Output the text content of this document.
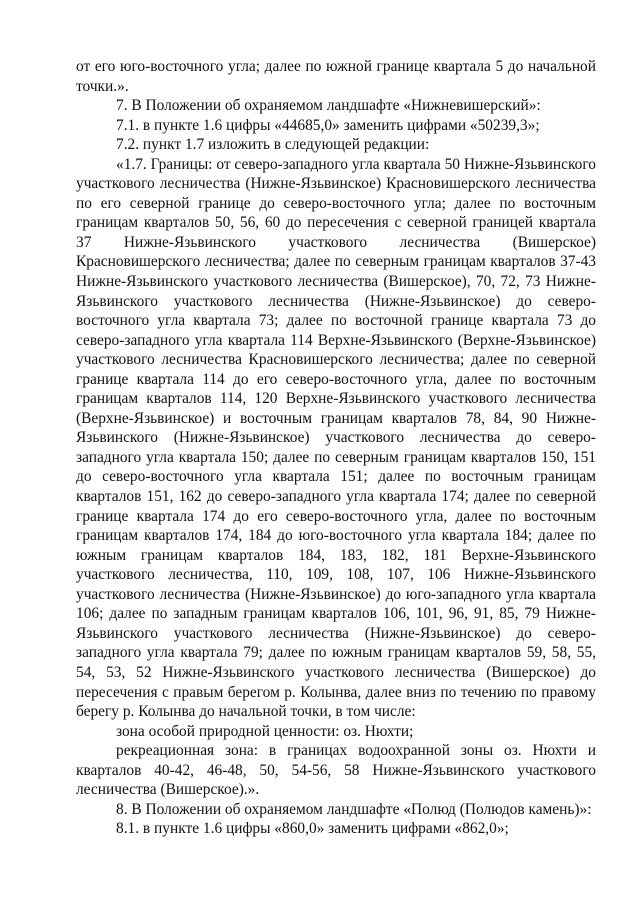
от его юго-восточного угла; далее по южной границе квартала 5 до начальной точки.».

7. В Положении об охраняемом ландшафте «Нижневишерский»:

7.1. в пункте 1.6 цифры «44685,0» заменить цифрами «50239,3»;

7.2. пункт 1.7 изложить в следующей редакции:

«1.7. Границы: от северо-западного угла квартала 50 Нижне-Язьвинского участкового лесничества (Нижне-Язьвинское) Красновишерского лесничества по его северной границе до северо-восточного угла; далее по восточным границам кварталов 50, 56, 60 до пересечения с северной границей квартала 37 Нижне-Язьвинского участкового лесничества (Вишерское) Красновишерского лесничества; далее по северным границам кварталов 37-43 Нижне-Язьвинского участкового лесничества (Вишерское), 70, 72, 73 Нижне-Язьвинского участкового лесничества (Нижне-Язьвинское) до северо-восточного угла квартала 73; далее по восточной границе квартала 73 до северо-западного угла квартала 114 Верхне-Язьвинского (Верхне-Язьвинское) участкового лесничества Красновишерского лесничества; далее по северной границе квартала 114 до его северо-восточного угла, далее по восточным границам кварталов 114, 120 Верхне-Язьвинского участкового лесничества (Верхне-Язьвинское) и восточным границам кварталов 78, 84, 90 Нижне-Язьвинского (Нижне-Язьвинское) участкового лесничества до северо-западного угла квартала 150; далее по северным границам кварталов 150, 151 до северо-восточного угла квартала 151; далее по восточным границам кварталов 151, 162 до северо-западного угла квартала 174; далее по северной границе квартала 174 до его северо-восточного угла, далее по восточным границам кварталов 174, 184 до юго-восточного угла квартала 184; далее по южным границам кварталов 184, 183, 182, 181 Верхне-Язьвинского участкового лесничества, 110, 109, 108, 107, 106 Нижне-Язьвинского участкового лесничества (Нижне-Язьвинское) до юго-западного угла квартала 106; далее по западным границам кварталов 106, 101, 96, 91, 85, 79 Нижне-Язьвинского участкового лесничества (Нижне-Язьвинское) до северо-западного угла квартала 79; далее по южным границам кварталов 59, 58, 55, 54, 53, 52 Нижне-Язьвинского участкового лесничества (Вишерское) до пересечения с правым берегом р. Колынва, далее вниз по течению по правому берегу р. Колынва до начальной точки, в том числе:

зона особой природной ценности: оз. Нюхти;

рекреационная зона: в границах водоохранной зоны оз. Нюхти и кварталов 40-42, 46-48, 50, 54-56, 58 Нижне-Язьвинского участкового лесничества (Вишерское).».

8. В Положении об охраняемом ландшафте «Полюд (Полюдов камень)»:

8.1. в пункте 1.6 цифры «860,0» заменить цифрами «862,0»;
